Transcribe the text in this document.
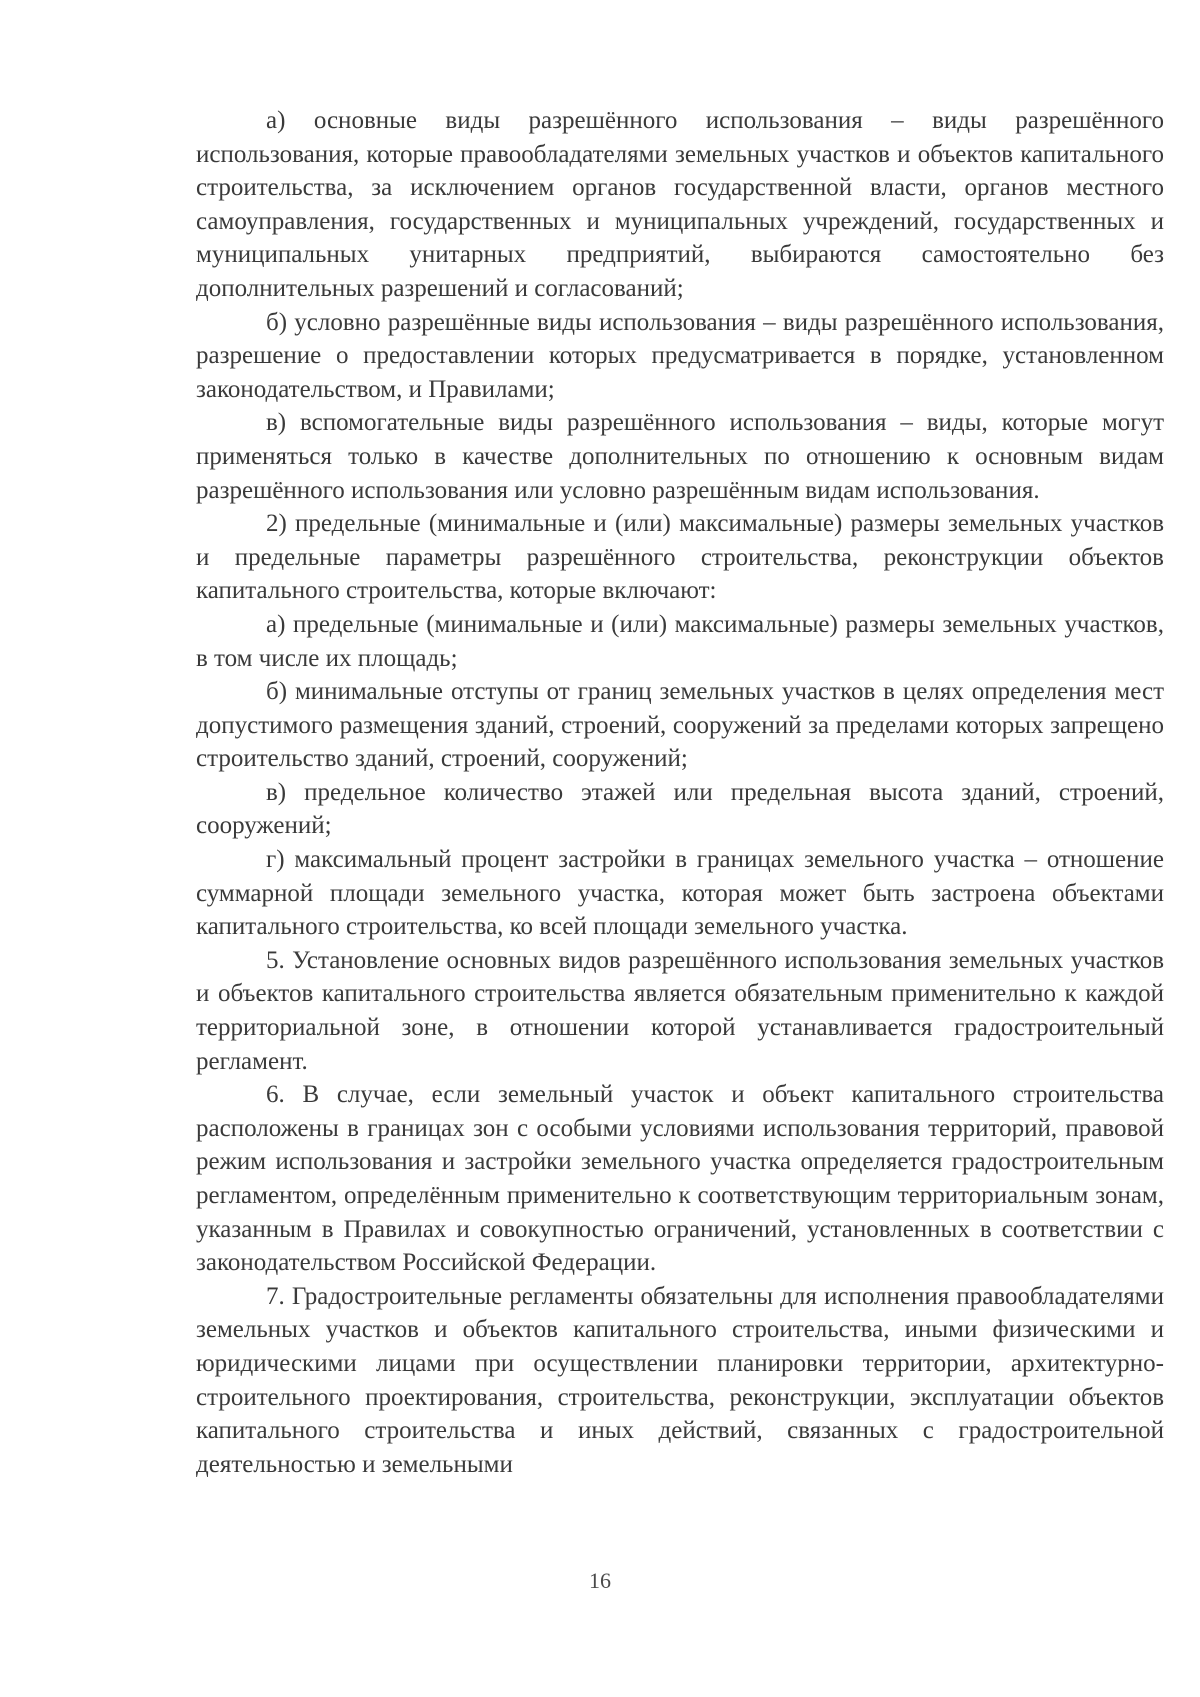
а) основные виды разрешённого использования – виды разрешённого использования, которые правообладателями земельных участков и объектов капитального строительства, за исключением органов государственной власти, органов местного самоуправления, государственных и муниципальных учреждений, государственных и муниципальных унитарных предприятий, выбираются самостоятельно без дополнительных разрешений и согласований;

б) условно разрешённые виды использования – виды разрешённого использования, разрешение о предоставлении которых предусматривается в порядке, установленном законодательством, и Правилами;

в) вспомогательные виды разрешённого использования – виды, которые могут применяться только в качестве дополнительных по отношению к основным видам разрешённого использования или условно разрешённым видам использования.

2) предельные (минимальные и (или) максимальные) размеры земельных участков и предельные параметры разрешённого строительства, реконструкции объектов капитального строительства, которые включают:

а) предельные (минимальные и (или) максимальные) размеры земельных участков, в том числе их площадь;

б) минимальные отступы от границ земельных участков в целях определения мест допустимого размещения зданий, строений, сооружений за пределами которых запрещено строительство зданий, строений, сооружений;

в) предельное количество этажей или предельная высота зданий, строений, сооружений;

г) максимальный процент застройки в границах земельного участка – отношение суммарной площади земельного участка, которая может быть застроена объектами капитального строительства, ко всей площади земельного участка.

5. Установление основных видов разрешённого использования земельных участков и объектов капитального строительства является обязательным применительно к каждой территориальной зоне, в отношении которой устанавливается градостроительный регламент.

6. В случае, если земельный участок и объект капитального строительства расположены в границах зон с особыми условиями использования территорий, правовой режим использования и застройки земельного участка определяется градостроительным регламентом, определённым применительно к соответствующим территориальным зонам, указанным в Правилах и совокупностью ограничений, установленных в соответствии с законодательством Российской Федерации.

7. Градостроительные регламенты обязательны для исполнения правообладателями земельных участков и объектов капитального строительства, иными физическими и юридическими лицами при осуществлении планировки территории, архитектурно-строительного проектирования, строительства, реконструкции, эксплуатации объектов капитального строительства и иных действий, связанных с градостроительной деятельностью и земельными

16
